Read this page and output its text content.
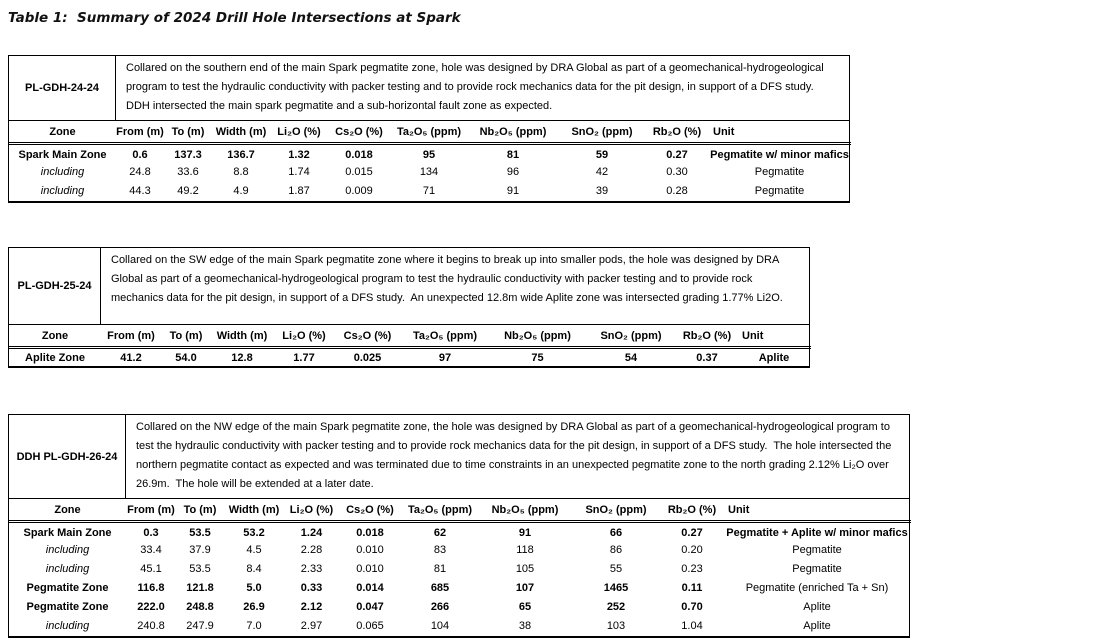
Table 1:  Summary of 2024 Drill Hole Intersections at Spark
PL-GDH-24-24
Collared on the southern end of the main Spark pegmatite zone, hole was designed by DRA Global as part of a geomechanical-hydrogeological program to test the hydraulic conductivity with packer testing and to provide rock mechanics data for the pit design, in support of a DFS study.  DDH intersected the main spark pegmatite and a sub-horizontal fault zone as expected.
Zone	From (m)	To (m)	Width (m)	Li₂O (%)	Cs₂O (%)	Ta₂O₅ (ppm)	Nb₂O₅ (ppm)	SnO₂ (ppm)	Rb₂O (%)	Unit
Spark Main Zone	0.6	137.3	136.7	1.32	0.018	95	81	59	0.27	Pegmatite w/ minor mafics
including	24.8	33.6	8.8	1.74	0.015	134	96	42	0.30	Pegmatite
including	44.3	49.2	4.9	1.87	0.009	71	91	39	0.28	Pegmatite
PL-GDH-25-24
Collared on the SW edge of the main Spark pegmatite zone where it begins to break up into smaller pods, the hole was designed by DRA Global as part of a geomechanical-hydrogeological program to test the hydraulic conductivity with packer testing and to provide rock mechanics data for the pit design, in support of a DFS study.  An unexpected 12.8m wide Aplite zone was intersected grading 1.77% Li2O.
Zone	From (m)	To (m)	Width (m)	Li₂O (%)	Cs₂O (%)	Ta₂O₅ (ppm)	Nb₂O₅ (ppm)	SnO₂ (ppm)	Rb₂O (%)	Unit
Aplite Zone	41.2	54.0	12.8	1.77	0.025	97	75	54	0.37	Aplite
DDH PL-GDH-26-24
Collared on the NW edge of the main Spark pegmatite zone, the hole was designed by DRA Global as part of a geomechanical-hydrogeological program to test the hydraulic conductivity with packer testing and to provide rock mechanics data for the pit design, in support of a DFS study.  The hole intersected the northern pegmatite contact as expected and was terminated due to time constraints in an unexpected pegmatite zone to the north grading 2.12% Li₂O over 26.9m.  The hole will be extended at a later date.
Zone	From (m)	To (m)	Width (m)	Li₂O (%)	Cs₂O (%)	Ta₂O₅ (ppm)	Nb₂O₅ (ppm)	SnO₂ (ppm)	Rb₂O (%)	Unit
Spark Main Zone	0.3	53.5	53.2	1.24	0.018	62	91	66	0.27	Pegmatite + Aplite w/ minor mafics
including	33.4	37.9	4.5	2.28	0.010	83	118	86	0.20	Pegmatite
including	45.1	53.5	8.4	2.33	0.010	81	105	55	0.23	Pegmatite
Pegmatite Zone	116.8	121.8	5.0	0.33	0.014	685	107	1465	0.11	Pegmatite (enriched Ta + Sn)
Pegmatite Zone	222.0	248.8	26.9	2.12	0.047	266	65	252	0.70	Aplite
including	240.8	247.9	7.0	2.97	0.065	104	38	103	1.04	Aplite
